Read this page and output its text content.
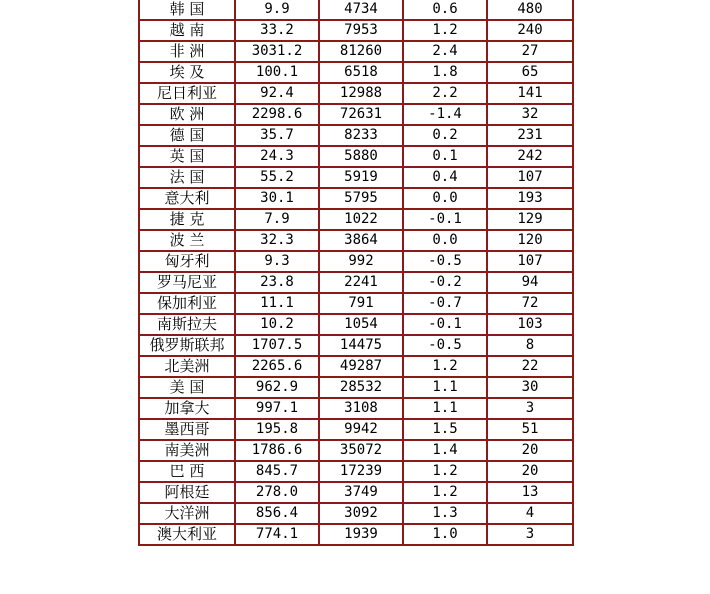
韩 国	9.9	4734	0.6	480
越 南	33.2	7953	1.2	240
非 洲	3031.2	81260	2.4	27
埃 及	100.1	6518	1.8	65
尼日利亚	92.4	12988	2.2	141
欧 洲	2298.6	72631	-1.4	32
德 国	35.7	8233	0.2	231
英 国	24.3	5880	0.1	242
法 国	55.2	5919	0.4	107
意大利	30.1	5795	0.0	193
捷 克	7.9	1022	-0.1	129
波 兰	32.3	3864	0.0	120
匈牙利	9.3	992	-0.5	107
罗马尼亚	23.8	2241	-0.2	94
保加利亚	11.1	791	-0.7	72
南斯拉夫	10.2	1054	-0.1	103
俄罗斯联邦	1707.5	14475	-0.5	8
北美洲	2265.6	49287	1.2	22
美 国	962.9	28532	1.1	30
加拿大	997.1	3108	1.1	3
墨西哥	195.8	9942	1.5	51
南美洲	1786.6	35072	1.4	20
巴 西	845.7	17239	1.2	20
阿根廷	278.0	3749	1.2	13
大洋洲	856.4	3092	1.3	4
澳大利亚	774.1	1939	1.0	3
